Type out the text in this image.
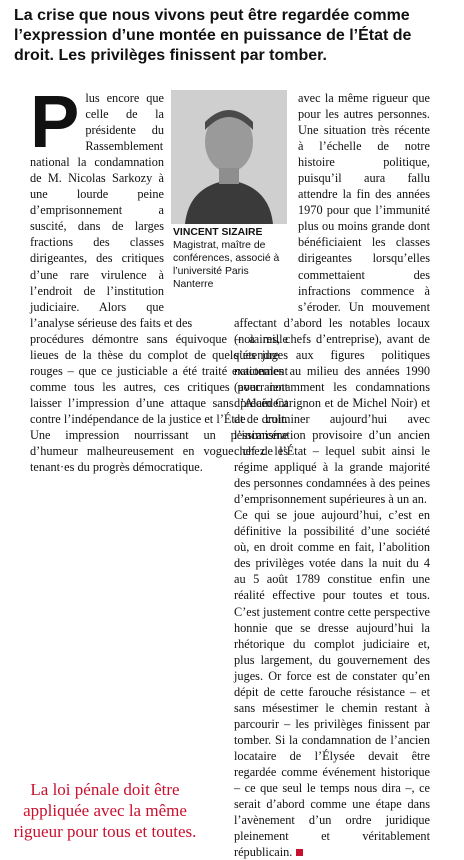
La crise que nous vivons peut être regardée comme l’expression d’une montée en puissance de l’État de droit. Les privilèges finissent par tomber.
P lus encore que celle de la présidente du Rassemblement national la condamnation de M. Nicolas Sarkozy à une lourde peine d’emprisonnement a suscité, dans de larges fractions des classes dirigeantes, des critiques d’une rare virulence à l’endroit de l’institution judiciaire. Alors que l’analyse sérieuse des faits et des

procédures démontre sans équivoque – à mille lieues de la thèse du complot de quelques juges rouges – que ce justiciable a été traité exactement comme tous les autres, ces critiques pourraient laisser l’impression d’une attaque sans précédent contre l’indépendance de la justice et l’État de droit. Une impression nourrissant un pessimisme d’humeur malheureusement en vogue chez les tenant·es du progrès démocratique.

VINCENT SIZAIRE
Magistrat, maître de conférences, associé à l’université Paris Nanterre

avec la même rigueur que pour les autres personnes. Une situation très récente à l’échelle de notre histoire politique, puisqu’il aura fallu attendre la fin des années 1970 pour que l’immunité plus ou moins grande dont bénéficiaient les classes dirigeantes lorsqu’elles commettaient des infractions commence à s’éroder. Un mouvement affectant d’abord les notables locaux (notaires, chefs d’entreprise), avant de s’étendre aux figures politiques nationales au milieu des années 1990 (avec notamment les condamnations d’Alain Carignon et de Michel Noir) et de culminer aujourd’hui avec l’incarcération provisoire d’un ancien chef de l’État – lequel subit ainsi le régime appliqué à la grande majorité des personnes condamnées à des peines d’emprisonnement supérieures à un an.

Ce qui se joue aujourd’hui, c’est en définitive la possibilité d’une société où, en droit comme en fait, l’abolition des privilèges votée dans la nuit du 4 au 5 août 1789 constitue enfin une réalité effective pour toutes et tous. C’est justement contre cette perspective honnie que se dresse aujourd’hui la rhétorique du complot judiciaire et, plus largement, du gouvernement des juges. Or force est de constater qu’en dépit de cette farouche résistance – et sans mésestimer le chemin restant à parcourir – les privilèges finissent par tomber. Si la condamnation de l’ancien locataire de l’Élysée devait être regardée comme événement historique – ce que seul le temps nous dira –, ce serait d’abord comme une étape dans l’avènement d’un ordre juridique pleinement et véritablement républicain.

La loi pénale doit être appliquée avec la même rigueur pour tous et toutes.
